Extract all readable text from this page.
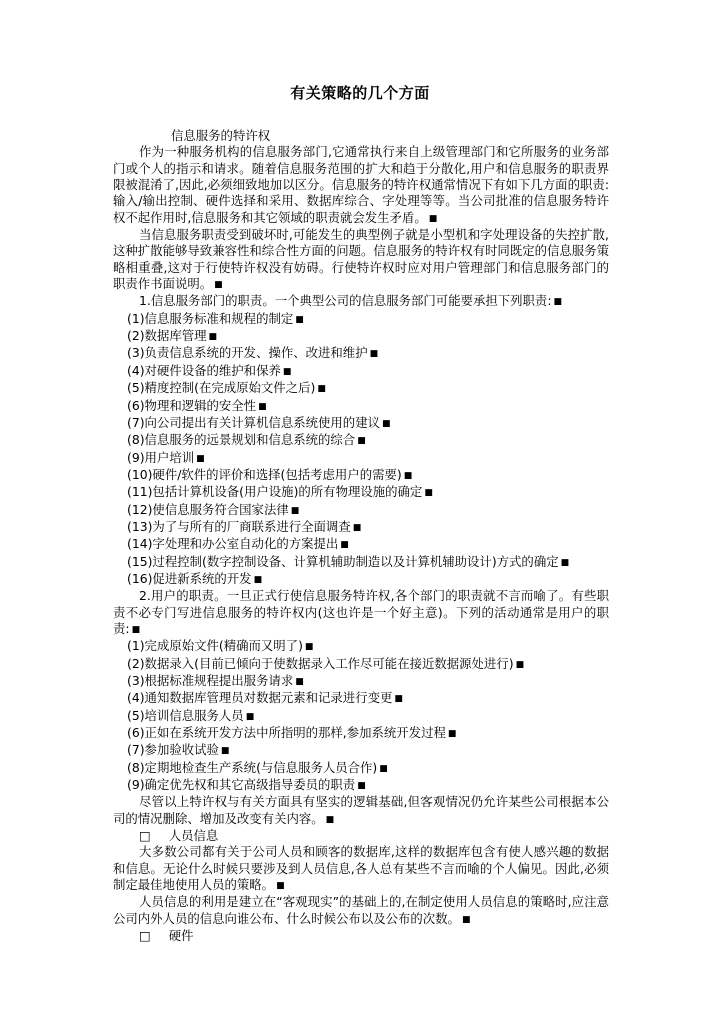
有关策略的几个方面

信息服务的特许权

作为一种服务机构的信息服务部门,它通常执行来自上级管理部门和它所服务的业务部门或个人的指示和请求。随着信息服务范围的扩大和趋于分散化,用户和信息服务的职责界限被混淆了,因此,必须细致地加以区分。信息服务的特许权通常情况下有如下几方面的职责:输入/输出控制、硬件选择和采用、数据库综合、字处理等等。当公司批准的信息服务特许权不起作用时,信息服务和其它领域的职责就会发生矛盾。 ■

当信息服务职责受到破坏时,可能发生的典型例子就是小型机和字处理设备的失控扩散,这种扩散能够导致兼容性和综合性方面的问题。信息服务的特许权有时同既定的信息服务策略相重叠,这对于行使特许权没有妨碍。行使特许权时应对用户管理部门和信息服务部门的职责作书面说明。 ■

1.信息服务部门的职责。一个典型公司的信息服务部门可能要承担下列职责: ■

(1)信息服务标准和规程的制定 ■

(2)数据库管理 ■

(3)负责信息系统的开发、操作、改进和维护 ■

(4)对硬件设备的维护和保养 ■

(5)精度控制(在完成原始文件之后) ■

(6)物理和逻辑的安全性 ■

(7)向公司提出有关计算机信息系统使用的建议 ■

(8)信息服务的远景规划和信息系统的综合 ■

(9)用户培训 ■

(10)硬件/软件的评价和选择(包括考虑用户的需要) ■

(11)包括计算机设备(用户设施)的所有物理设施的确定 ■

(12)使信息服务符合国家法律 ■

(13)为了与所有的厂商联系进行全面调查 ■

(14)字处理和办公室自动化的方案提出 ■

(15)过程控制(数字控制设备、计算机辅助制造以及计算机辅助设计)方式的确定 ■

(16)促进新系统的开发 ■

2.用户的职责。一旦正式行使信息服务特许权,各个部门的职责就不言而喻了。有些职责不必专门写进信息服务的特许权内(这也许是一个好主意)。下列的活动通常是用户的职责: ■

(1)完成原始文件(精确而又明了) ■

(2)数据录入(目前已倾向于使数据录入工作尽可能在接近数据源处进行) ■

(3)根据标准规程提出服务请求 ■

(4)通知数据库管理员对数据元素和记录进行变更 ■

(5)培训信息服务人员 ■

(6)正如在系统开发方法中所指明的那样,参加系统开发过程 ■

(7)参加验收试验 ■

(8)定期地检查生产系统(与信息服务人员合作) ■

(9)确定优先权和其它高级指导委员的职责 ■

尽管以上特许权与有关方面具有坚实的逻辑基础,但客观情况仍允许某些公司根据本公司的情况删除、增加及改变有关内容。 ■

□ 人员信息

大多数公司都有关于公司人员和顾客的数据库,这样的数据库包含有使人感兴趣的数据和信息。无论什么时候只要涉及到人员信息,各人总有某些不言而喻的个人偏见。因此,必须制定最佳地使用人员的策略。 ■

人员信息的利用是建立在“客观现实”的基础上的,在制定使用人员信息的策略时,应注意公司内外人员的信息向谁公布、什么时候公布以及公布的次数。 ■

□ 硬件
